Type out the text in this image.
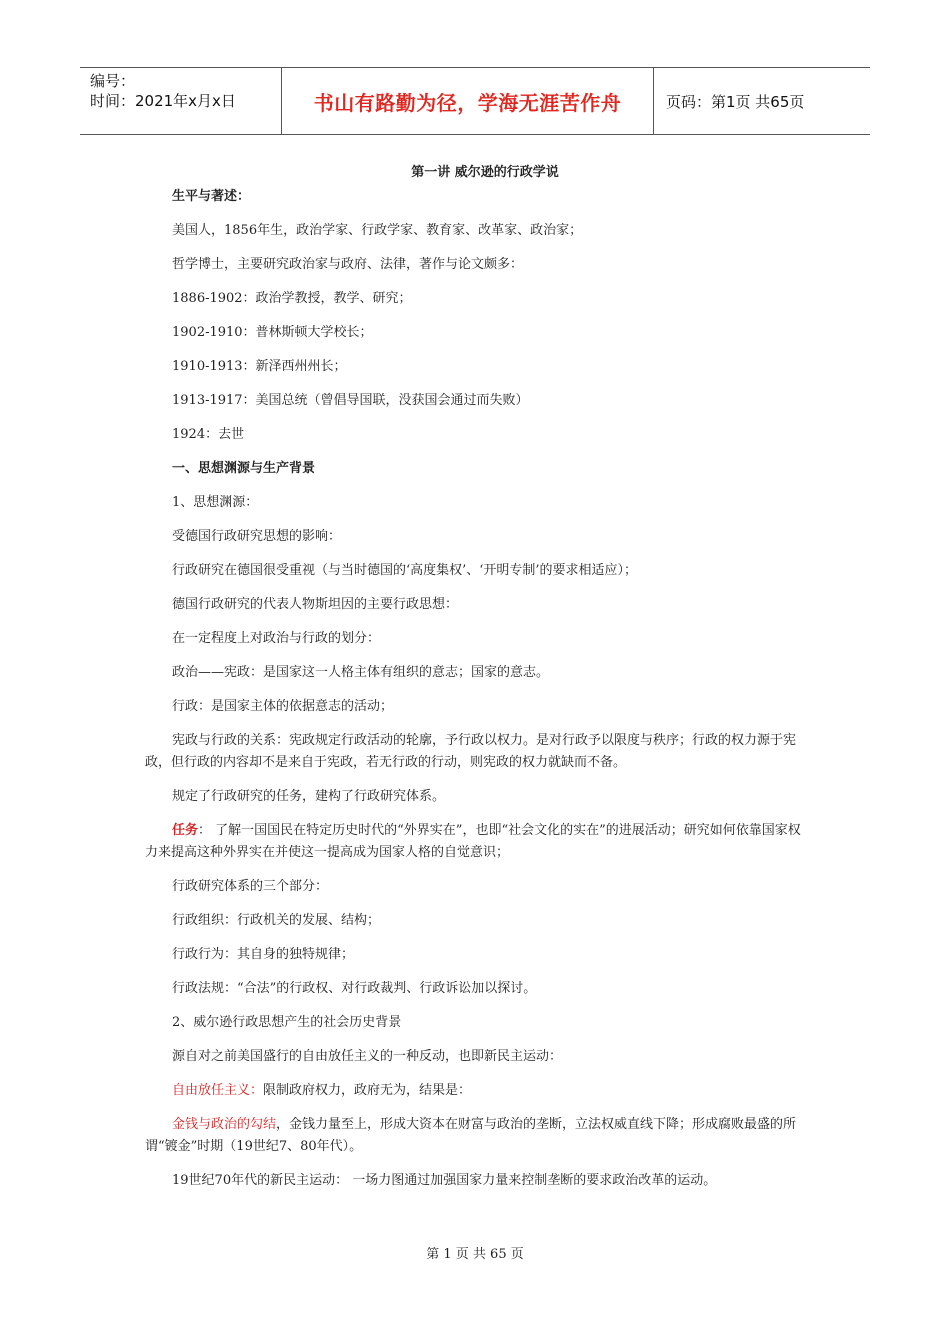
编号：
时间：2021年x月x日	书山有路勤为径，学海无涯苦作舟	页码：第1页 共65页
第一讲 威尔逊的行政学说
生平与著述：
美国人，1856年生，政治学家、行政学家、教育家、改革家、政治家；
哲学博士，主要研究政治家与政府、法律，著作与论文颇多：
1886-1902：政治学教授，教学、研究；
1902-1910：普林斯顿大学校长；
1910-1913：新泽西州州长；
1913-1917：美国总统（曾倡导国联，没获国会通过而失败）
1924：去世
一、思想渊源与生产背景
1、思想渊源：
受德国行政研究思想的影响：
行政研究在德国很受重视（与当时德国的‘高度集权’、‘开明专制’的要求相适应）；
德国行政研究的代表人物斯坦因的主要行政思想：
在一定程度上对政治与行政的划分：
政治——宪政：是国家这一人格主体有组织的意志；国家的意志。
行政：是国家主体的依据意志的活动；
宪政与行政的关系：宪政规定行政活动的轮廓，予行政以权力。是对行政予以限度与秩序；行政的权力源于宪政，但行政的内容却不是来自于宪政，若无行政的行动，则宪政的权力就缺而不备。
规定了行政研究的任务，建构了行政研究体系。
任务： 了解一国国民在特定历史时代的“外界实在”，也即“社会文化的实在”的进展活动；研究如何依靠国家权力来提高这种外界实在并使这一提高成为国家人格的自觉意识；
行政研究体系的三个部分：
行政组织：行政机关的发展、结构；
行政行为：其自身的独特规律；
行政法规：“合法”的行政权、对行政裁判、行政诉讼加以探讨。
2、威尔逊行政思想产生的社会历史背景
源自对之前美国盛行的自由放任主义的一种反动，也即新民主运动：
自由放任主义：限制政府权力，政府无为，结果是：
金钱与政治的勾结，金钱力量至上，形成大资本在财富与政治的垄断，立法权威直线下降；形成腐败最盛的所谓“镀金”时期（19世纪7、80年代）。
19世纪70年代的新民主运动： 一场力图通过加强国家力量来控制垄断的要求政治改革的运动。
第 1 页 共 65 页
